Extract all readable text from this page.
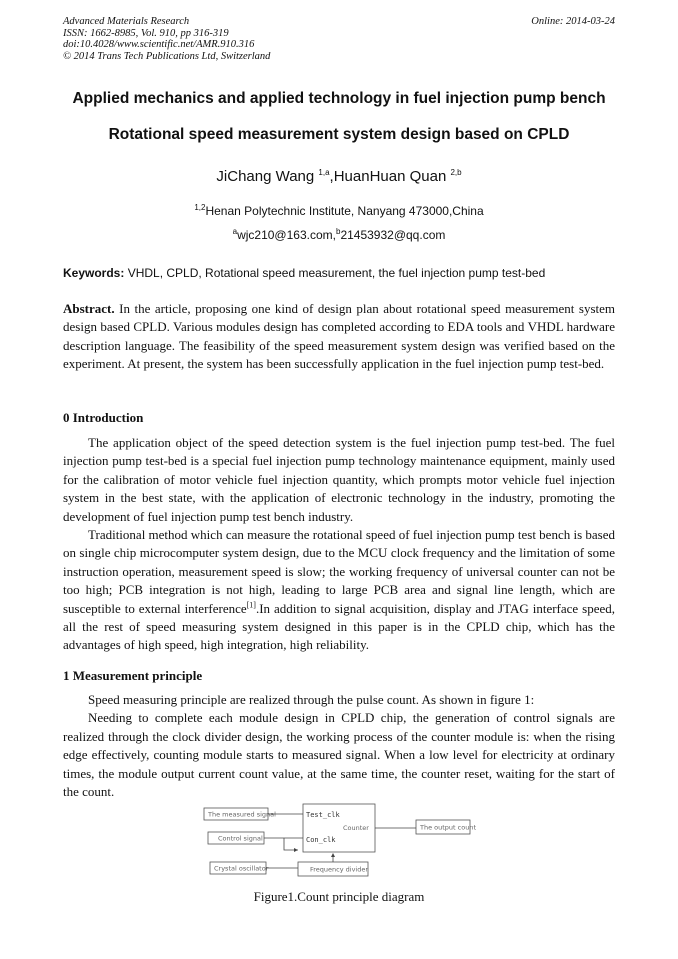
Advanced Materials Research
ISSN: 1662-8985, Vol. 910, pp 316-319
doi:10.4028/www.scientific.net/AMR.910.316
© 2014 Trans Tech Publications Ltd, Switzerland
Online: 2014-03-24
Applied mechanics and applied technology in fuel injection pump bench
Rotational speed measurement system design based on CPLD
JiChang Wang $^{1,a}$,HuanHuan Quan $^{2,b}$
$^{1,2}$Henan Polytechnic Institute, Nanyang 473000,China
$^a$wjc210@163.com,$^b$21453932@qq.com
Keywords: VHDL, CPLD, Rotational speed measurement, the fuel injection pump test-bed
Abstract. In the article, proposing one kind of design plan about rotational speed measurement system design based CPLD. Various modules design has completed according to EDA tools and VHDL hardware description language. The feasibility of the speed measurement system design was verified based on the experiment. At present, the system has been successfully application in the fuel injection pump test-bed.
0 Introduction
The application object of the speed detection system is the fuel injection pump test-bed. The fuel injection pump test-bed is a special fuel injection pump technology maintenance equipment, mainly used for the calibration of motor vehicle fuel injection quantity, which prompts motor vehicle fuel injection system in the best state, with the application of electronic technology in the industry, promoting the development of fuel injection pump test bench industry.
Traditional method which can measure the rotational speed of fuel injection pump test bench is based on single chip microcomputer system design, due to the MCU clock frequency and the limitation of some instruction operation, measurement speed is slow; the working frequency of universal counter can not be too high; PCB integration is not high, leading to large PCB area and signal line length, which are susceptible to external interference[1].In addition to signal acquisition, display and JTAG interface speed, all the rest of speed measuring system designed in this paper is in the CPLD chip, which has the advantages of high speed, high integration, high reliability.
1 Measurement principle
Speed measuring principle are realized through the pulse count. As shown in figure 1:
Needing to complete each module design in CPLD chip, the generation of control signals are realized through the clock divider design, the working process of the counter module is: when the rising edge effectively, counting module starts to measured signal. When a low level for electricity at ordinary times, the module output current count value, at the same time, the counter reset, waiting for the start of the count.
The measured signal
Control signal
Crystal oscillator
Test_clk
Con_clk
Counter	The output count
Frequency divider
Figure1.Count principle diagram
